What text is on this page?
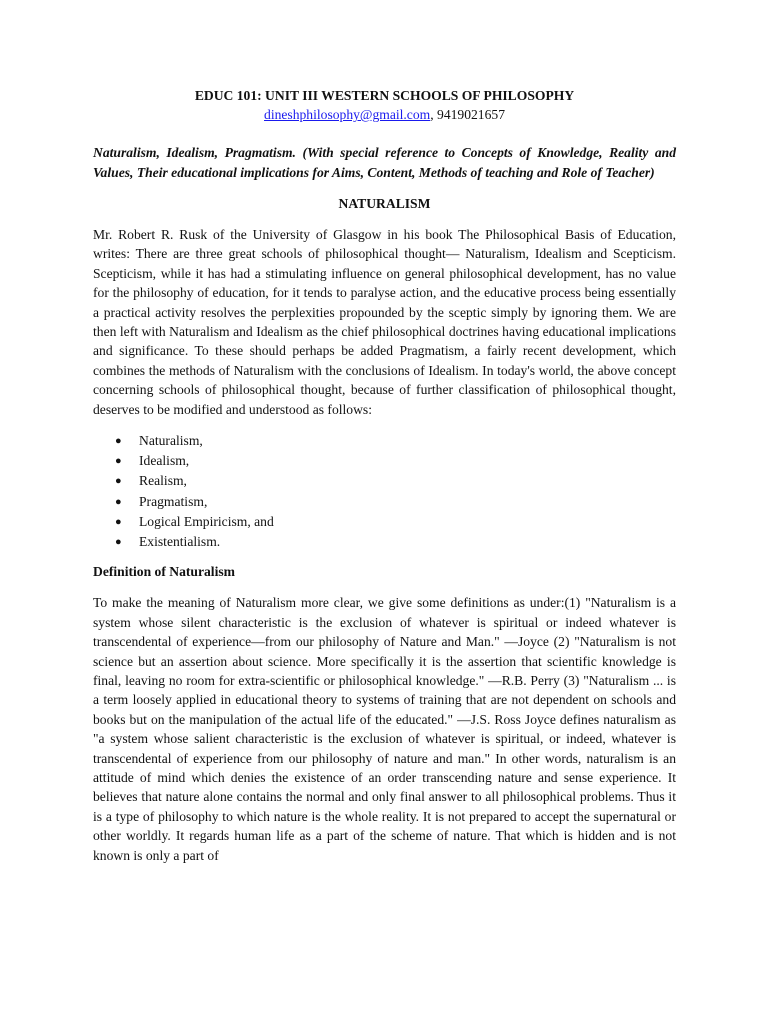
EDUC 101: UNIT III WESTERN SCHOOLS OF PHILOSOPHY

dineshphilosophy@gmail.com, 9419021657

Naturalism, Idealism, Pragmatism. (With special reference to Concepts of Knowledge, Reality and Values, Their educational implications for Aims, Content, Methods of teaching and Role of Teacher)

NATURALISM

Mr. Robert R. Rusk of the University of Glasgow in his book The Philosophical Basis of Education, writes: There are three great schools of philosophical thought— Naturalism, Idealism and Scepticism. Scepticism, while it has had a stimulating influence on general philosophical development, has no value for the philosophy of education, for it tends to paralyse action, and the educative process being essentially a practical activity resolves the perplexities propounded by the sceptic simply by ignoring them. We are then left with Naturalism and Idealism as the chief philosophical doctrines having educational implications and significance. To these should perhaps be added Pragmatism, a fairly recent development, which combines the methods of Naturalism with the conclusions of Idealism. In today's world, the above concept concerning schools of philosophical thought, because of further classification of philosophical thought, deserves to be modified and understood as follows:

● Naturalism,
● Idealism,
● Realism,
● Pragmatism,
● Logical Empiricism, and
● Existentialism.

Definition of Naturalism

To make the meaning of Naturalism more clear, we give some definitions as under:(1) "Naturalism is a system whose silent characteristic is the exclusion of whatever is spiritual or indeed whatever is transcendental of experience—from our philosophy of Nature and Man." —Joyce (2) "Naturalism is not science but an assertion about science. More specifically it is the assertion that scientific knowledge is final, leaving no room for extra-scientific or philosophical knowledge." —R.B. Perry (3) "Naturalism ... is a term loosely applied in educational theory to systems of training that are not dependent on schools and books but on the manipulation of the actual life of the educated." —J.S. Ross Joyce defines naturalism as "a system whose salient characteristic is the exclusion of whatever is spiritual, or indeed, whatever is transcendental of experience from our philosophy of nature and man." In other words, naturalism is an attitude of mind which denies the existence of an order transcending nature and sense experience. It believes that nature alone contains the normal and only final answer to all philosophical problems. Thus it is a type of philosophy to which nature is the whole reality. It is not prepared to accept the supernatural or other worldly. It regards human life as a part of the scheme of nature. That which is hidden and is not known is only a part of
